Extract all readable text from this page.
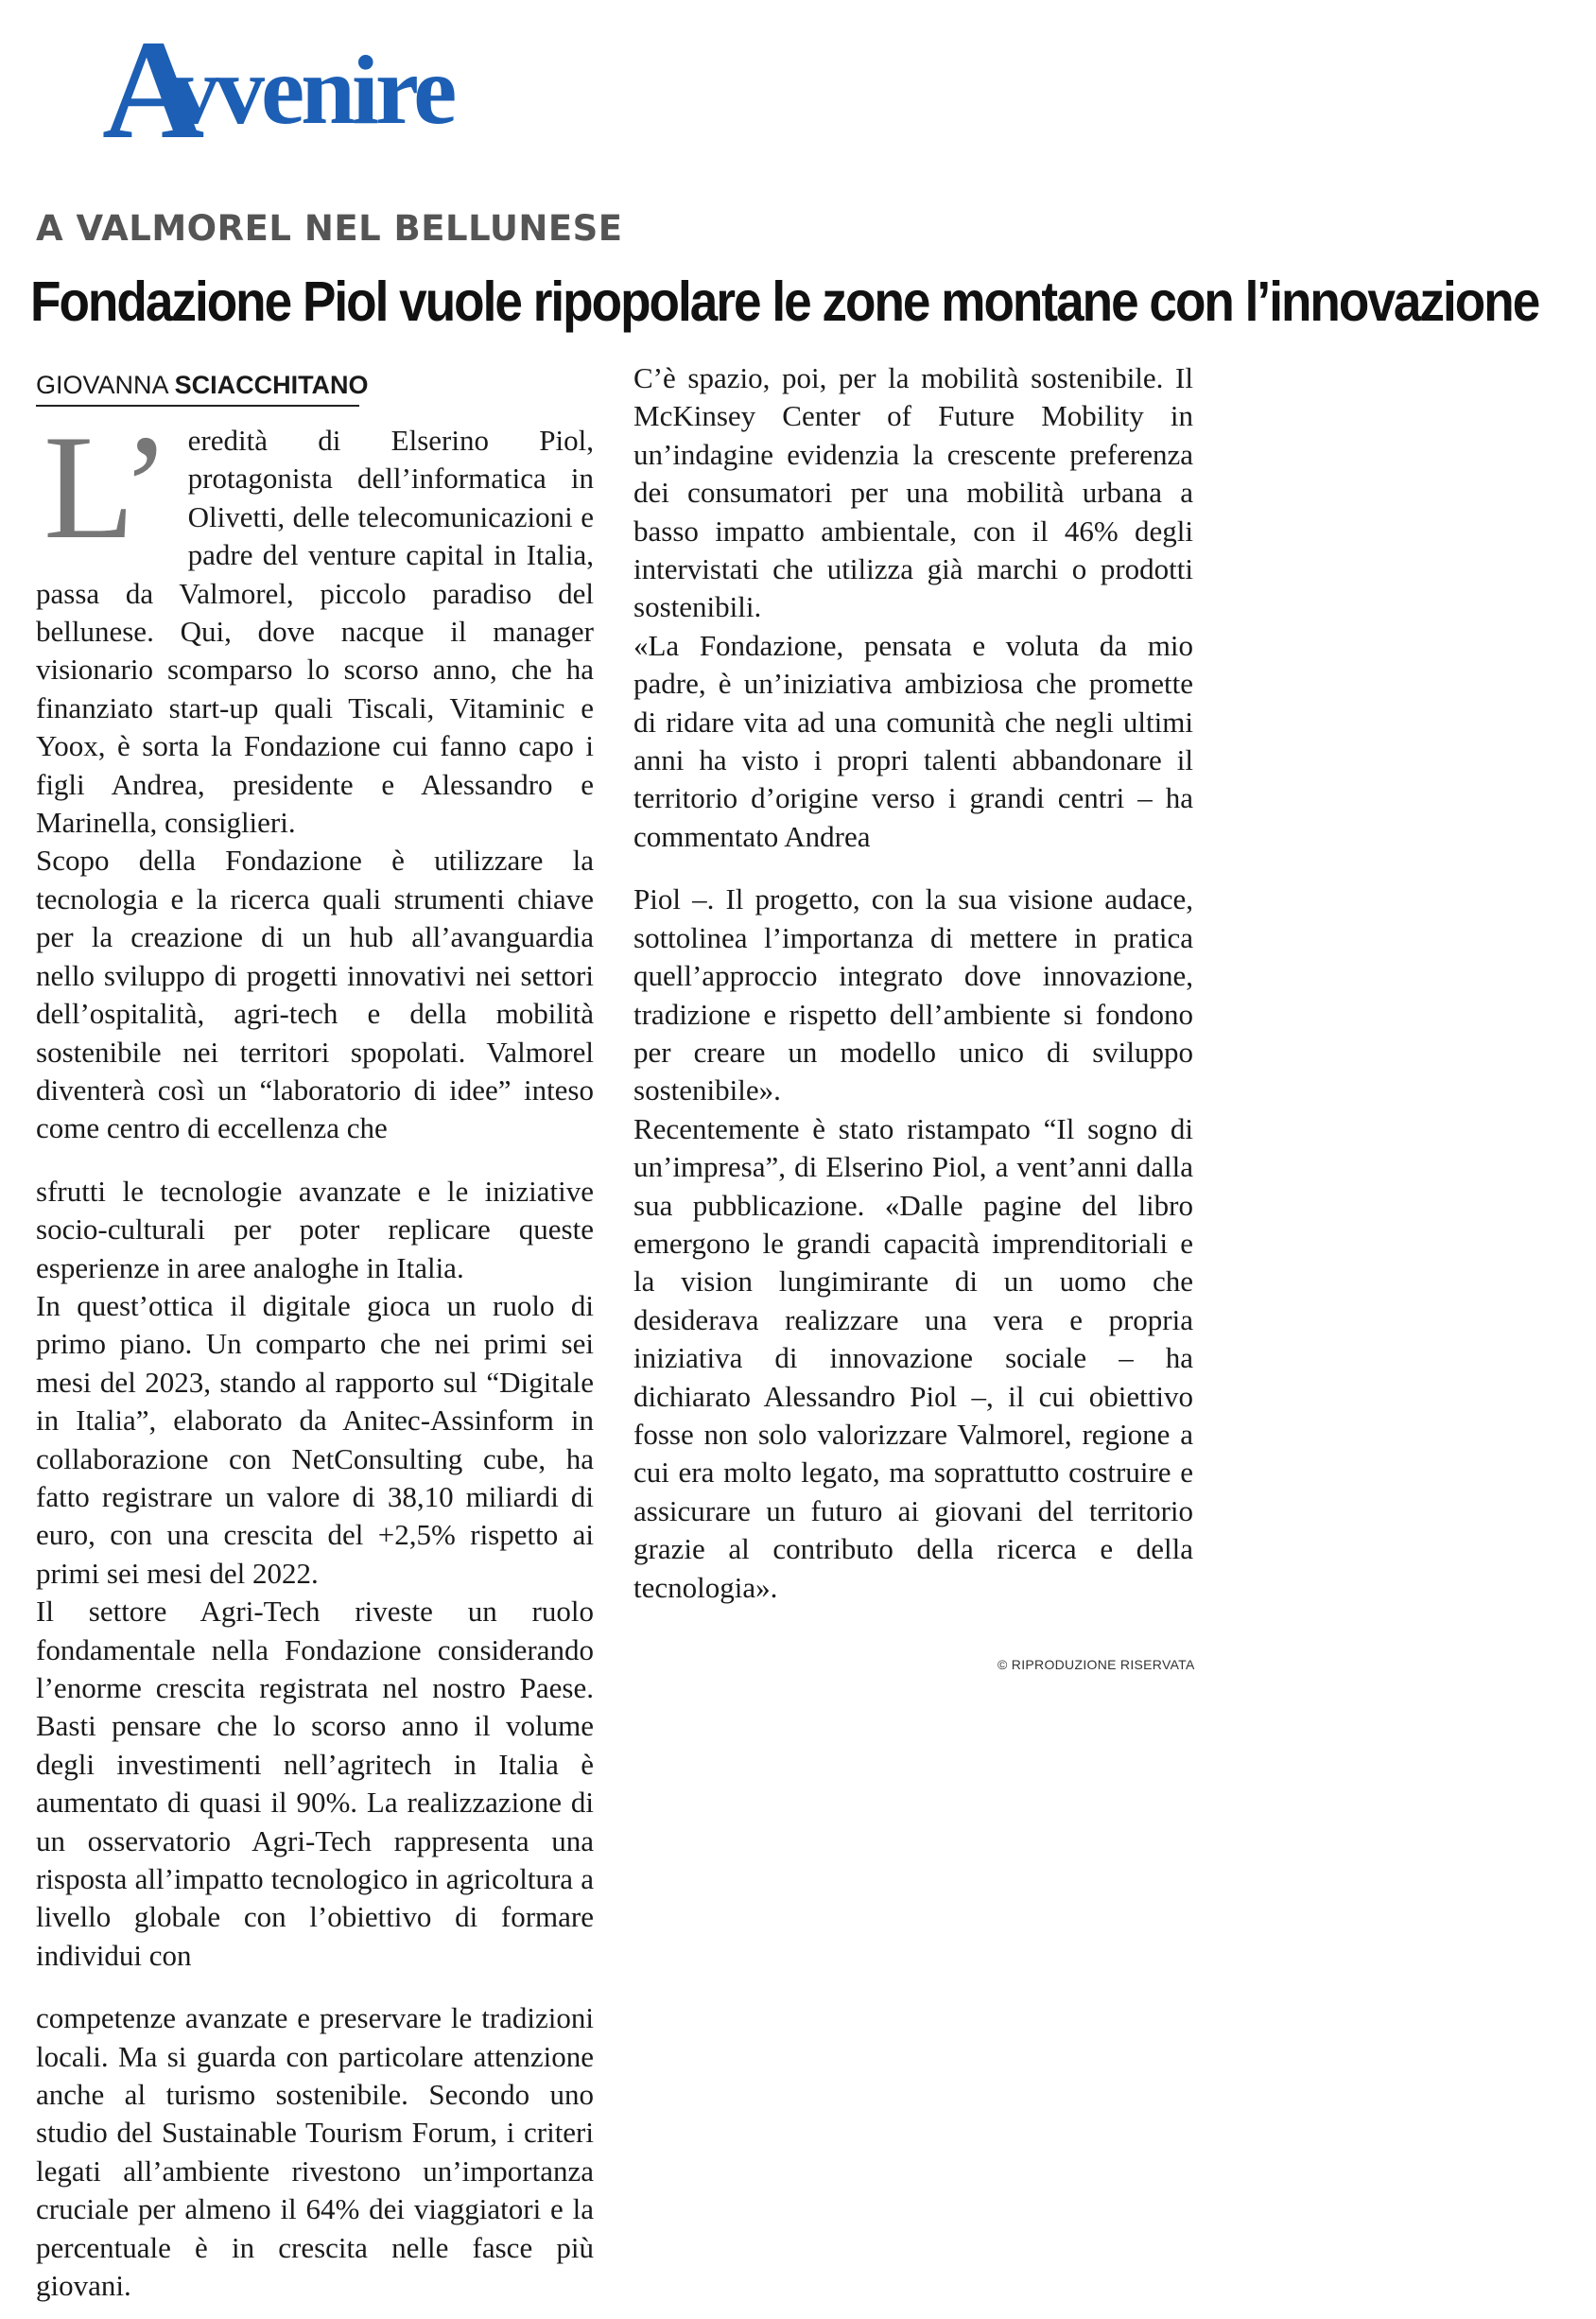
A
vvenire
A VALMOREL NEL BELLUNESE
Fondazione Piol vuole ripopolare le zone montane con l’innovazione
GIOVANNA SCIACCHITANO
L’ eredità di Elserino Piol, protagonista dell’informatica in Olivetti, delle telecomunicazioni e padre del venture capital in Italia, passa da Valmorel, piccolo paradiso del bellunese. Qui, dove nacque il manager visionario scomparso lo scorso anno, che ha finanziato start-up quali Tiscali, Vitaminic e Yoox, è sorta la Fondazione cui fanno capo i figli Andrea, presidente e Alessandro e Marinella, consiglieri.

Scopo della Fondazione è utilizzare la tecnologia e la ricerca quali strumenti chiave per la creazione di un hub all’avanguardia nello sviluppo di progetti innovativi nei settori dell’ospitalità, agri-tech e della mobilità sostenibile nei territori spopolati. Valmorel diventerà così un “laboratorio di idee” inteso come centro di eccellenza che

sfrutti le tecnologie avanzate e le iniziative socio-culturali per poter replicare queste esperienze in aree analoghe in Italia.

In quest’ottica il digitale gioca un ruolo di primo piano. Un comparto che nei primi sei mesi del 2023, stando al rapporto sul “Digitale in Italia”, elaborato da Anitec-Assinform in collaborazione con NetConsulting cube, ha fatto registrare un valore di 38,10 miliardi di euro, con una crescita del +2,5% rispetto ai primi sei mesi del 2022.

Il settore Agri-Tech riveste un ruolo fondamentale nella Fondazione considerando l’enorme crescita registrata nel nostro Paese. Basti pensare che lo scorso anno il volume degli investimenti nell’agritech in Italia è aumentato di quasi il 90%. La realizzazione di un osservatorio Agri-Tech rappresenta una risposta all’impatto tecnologico in agricoltura a livello globale con l’obiettivo di formare individui con

competenze avanzate e preservare le tradizioni locali. Ma si guarda con particolare attenzione anche al turismo sostenibile. Secondo uno studio del Sustainable Tourism Forum, i criteri legati all’ambiente rivestono un’importanza cruciale per almeno il 64% dei viaggiatori e la percentuale è in crescita nelle fasce più giovani.

C’è spazio, poi, per la mobilità sostenibile. Il McKinsey Center of Future Mobility in un’indagine evidenzia la crescente preferenza dei consumatori per una mobilità urbana a basso impatto ambientale, con il 46% degli intervistati che utilizza già marchi o prodotti sostenibili.

«La Fondazione, pensata e voluta da mio padre, è un’iniziativa ambiziosa che promette di ridare vita ad una comunità che negli ultimi anni ha visto i propri talenti abbandonare il territorio d’origine verso i grandi centri – ha commentato Andrea

Piol –. Il progetto, con la sua visione audace, sottolinea l’importanza di mettere in pratica quell’approccio integrato dove innovazione, tradizione e rispetto dell’ambiente si fondono per creare un modello unico di sviluppo sostenibile».

Recentemente è stato ristampato “Il sogno di un’impresa”, di Elserino Piol, a vent’anni dalla sua pubblicazione. «Dalle pagine del libro emergono le grandi capacità imprenditoriali e la vision lungimirante di un uomo che desiderava realizzare una vera e propria iniziativa di innovazione sociale – ha dichiarato Alessandro Piol –, il cui obiettivo fosse non solo valorizzare Valmorel, regione a cui era molto legato, ma soprattutto costruire e assicurare un futuro ai giovani del territorio grazie al contributo della ricerca e della tecnologia».

© RIPRODUZIONE RISERVATA
